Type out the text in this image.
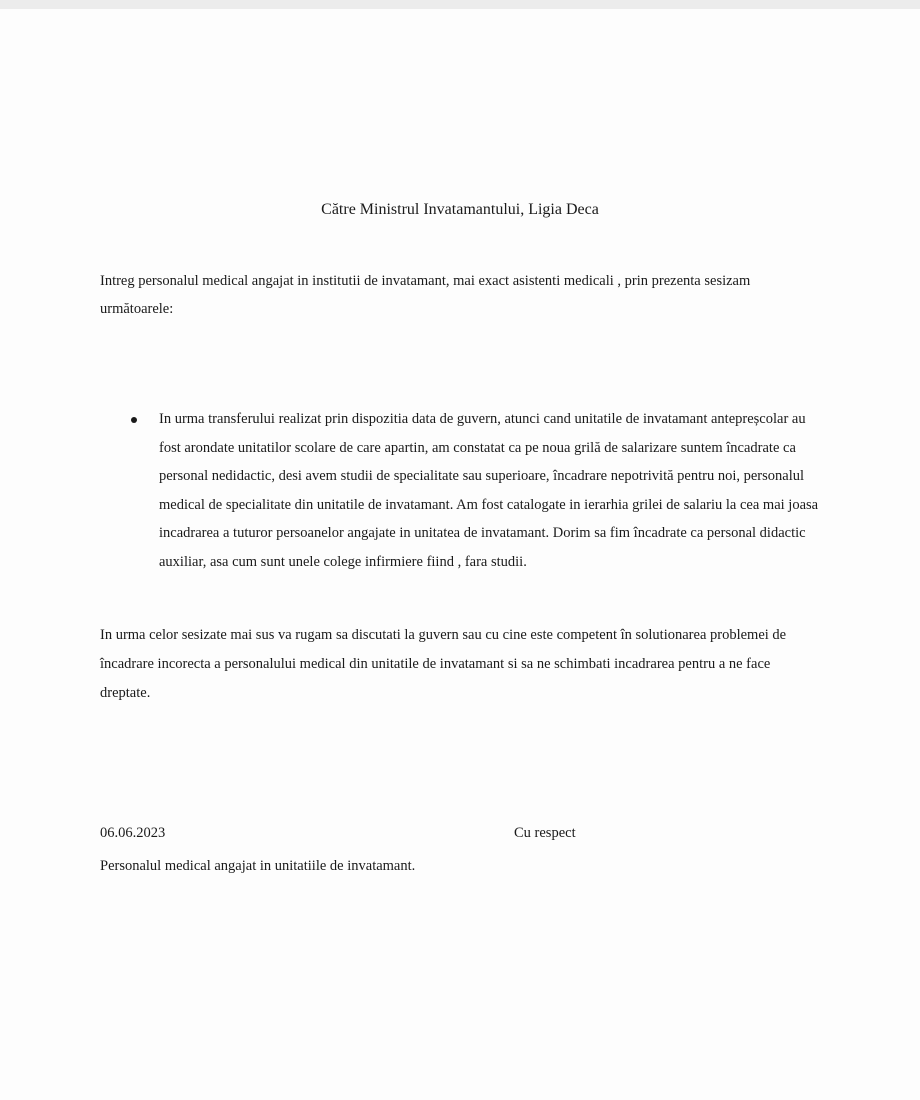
Către Ministrul Invatamantului, Ligia Deca
Intreg personalul medical angajat in institutii de invatamant, mai exact asistenti medicali , prin prezenta sesizam următoarele:
In urma transferului realizat prin dispozitia data de guvern, atunci cand unitatile de invatamant antepreșcolar au fost arondate unitatilor scolare de care apartin, am constatat ca pe noua grilă de salarizare suntem încadrate ca personal nedidactic, desi avem studii de specialitate sau superioare, încadrare nepotrivită pentru noi, personalul medical de specialitate din unitatile de invatamant. Am fost catalogate in ierarhia grilei de salariu la cea mai joasa incadrarea a tuturor persoanelor angajate in unitatea de invatamant. Dorim sa fim încadrate ca personal didactic auxiliar, asa cum sunt unele colege infirmiere fiind , fara studii.
In urma celor sesizate mai sus va rugam sa discutati la guvern sau cu cine este competent în solutionarea problemei de încadrare incorecta a personalului medical din unitatile de invatamant si sa ne schimbati incadrarea pentru a ne face dreptate.
06.06.2023	Cu respect
Personalul medical angajat in unitatiile de invatamant.
